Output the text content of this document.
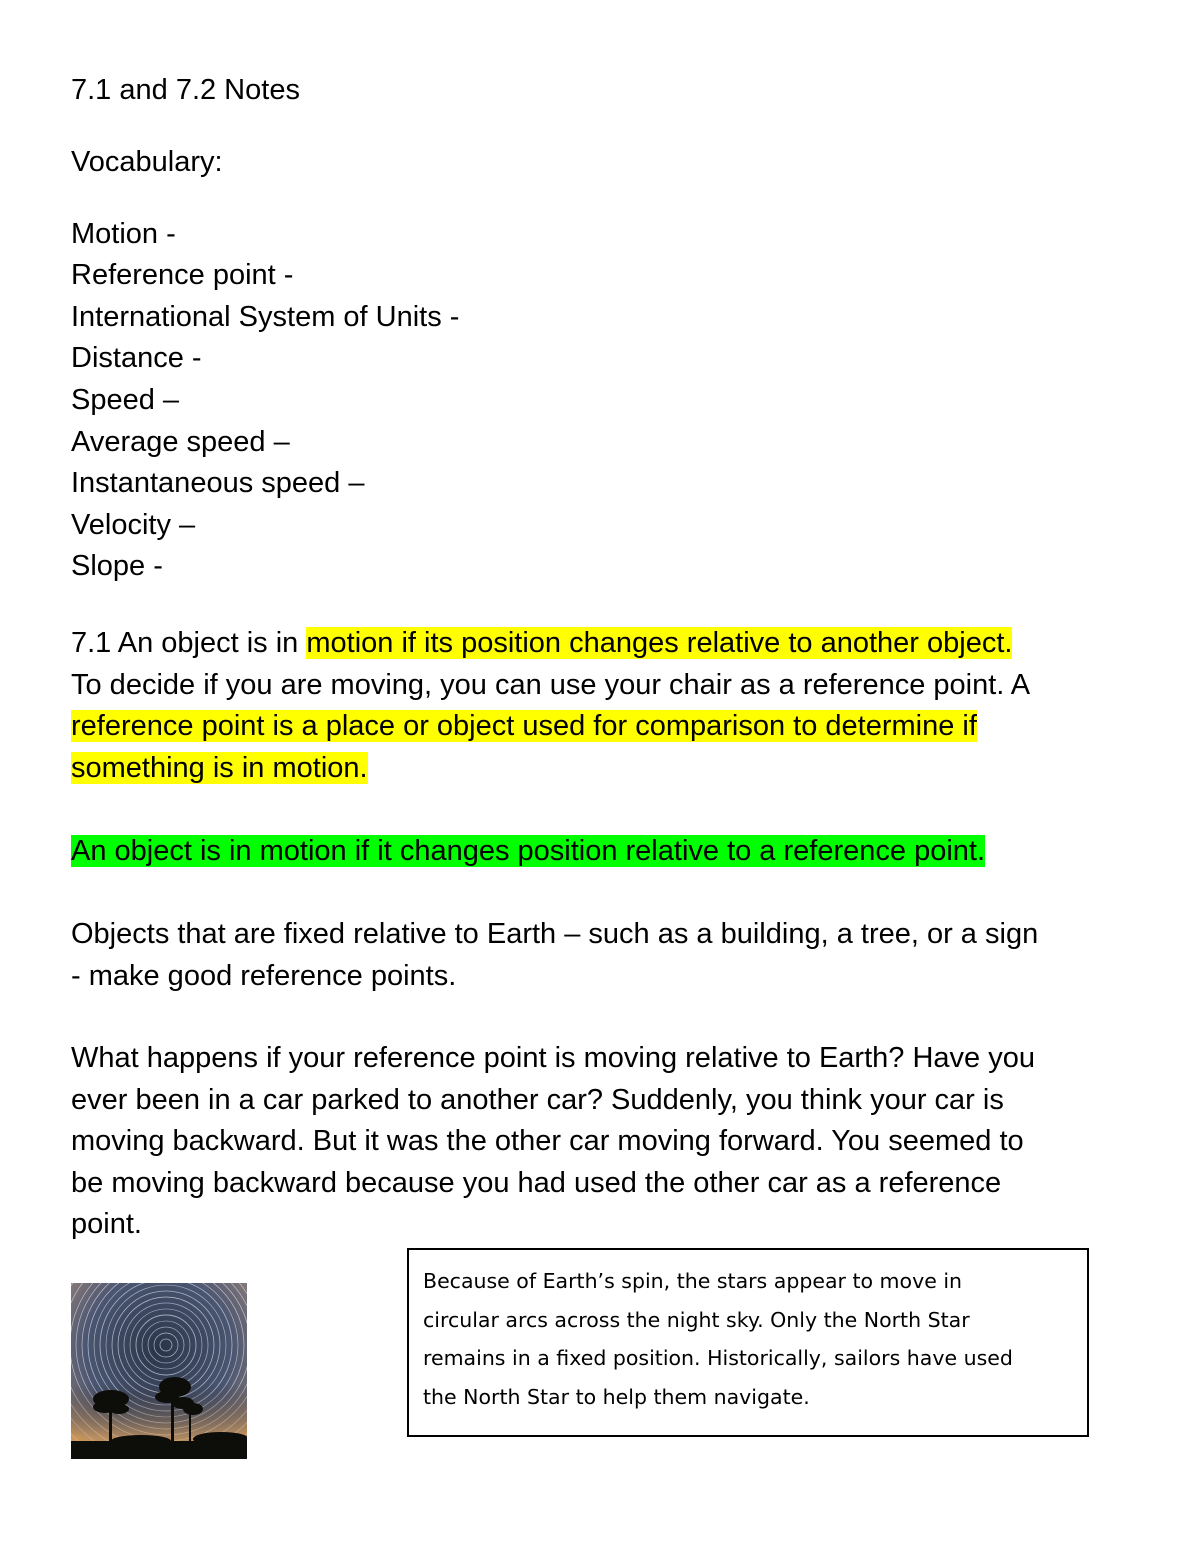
7.1 and 7.2 Notes
Vocabulary:
Motion -
Reference point -
International System of Units -
Distance -
Speed –
Average speed –
Instantaneous speed –
Velocity –
Slope -
7.1 An object is in motion if its position changes relative to another object.
To decide if you are moving, you can use your chair as a reference point. A
reference point is a place or object used for comparison to determine if
something is in motion.
An object is in motion if it changes position relative to a reference point.
Objects that are fixed relative to Earth – such as a building, a tree, or a sign
- make good reference points.
What happens if your reference point is moving relative to Earth? Have you
ever been in a car parked to another car? Suddenly, you think your car is
moving backward. But it was the other car moving forward. You seemed to
be moving backward because you had used the other car as a reference
point.
Because of Earth’s spin, the stars appear to move in
circular arcs across the night sky. Only the North Star
remains in a fixed position. Historically, sailors have used
the North Star to help them navigate.
